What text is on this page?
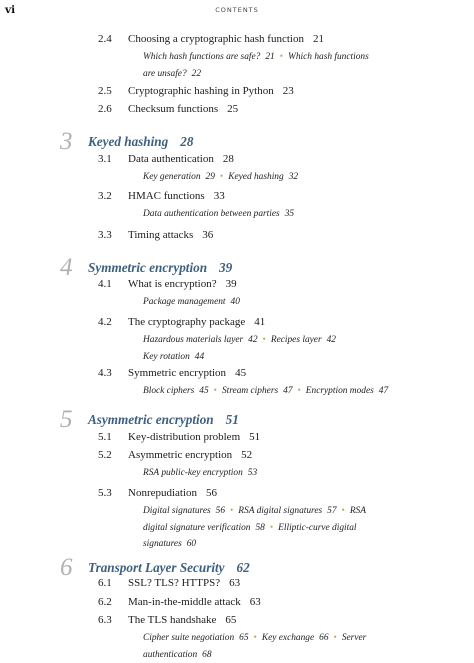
vi	CONTENTS
2.4 Choosing a cryptographic hash function 21
Which hash functions are safe? 21 • Which hash functions
are unsafe? 22
2.5 Cryptographic hashing in Python 23
2.6 Checksum functions 25
3 Keyed hashing 28
3.1 Data authentication 28
Key generation 29 • Keyed hashing 32
3.2 HMAC functions 33
Data authentication between parties 35
3.3 Timing attacks 36
4 Symmetric encryption 39
4.1 What is encryption? 39
Package management 40
4.2 The cryptography package 41
Hazardous materials layer 42 • Recipes layer 42
Key rotation 44
4.3 Symmetric encryption 45
Block ciphers 45 • Stream ciphers 47 • Encryption modes 47
5 Asymmetric encryption 51
5.1 Key-distribution problem 51
5.2 Asymmetric encryption 52
RSA public-key encryption 53
5.3 Nonrepudiation 56
Digital signatures 56 • RSA digital signatures 57 • RSA
digital signature verification 58 • Elliptic-curve digital
signatures 60
6 Transport Layer Security 62
6.1 SSL? TLS? HTTPS? 63
6.2 Man-in-the-middle attack 63
6.3 The TLS handshake 65
Cipher suite negotiation 65 • Key exchange 66 • Server
authentication 68
